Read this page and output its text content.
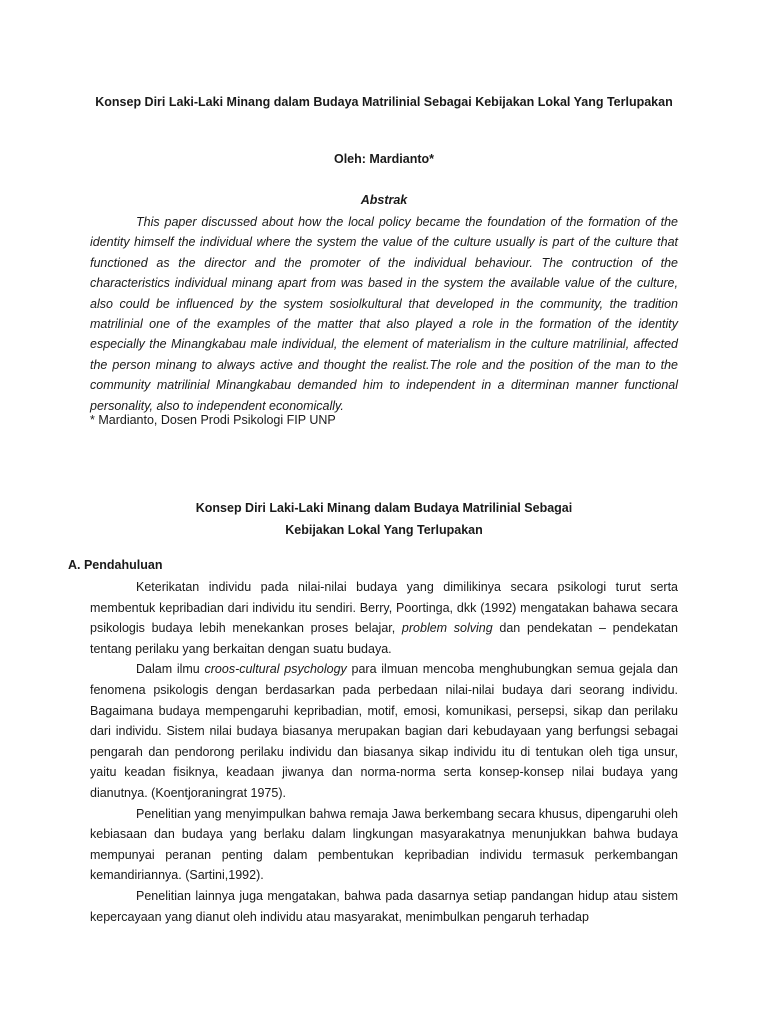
Konsep Diri Laki-Laki Minang dalam Budaya Matrilinial Sebagai Kebijakan Lokal Yang Terlupakan
Oleh: Mardianto*
Abstrak

This paper discussed about how the local policy became the foundation of the formation of the identity himself the individual where the system the value of the culture usually is part of the culture that functioned as the director and the promoter of the individual behaviour. The contruction of the characteristics individual minang apart from was based in the system the available value of the culture, also could be influenced by the system sosiolkultural that developed in the community, the tradition matrilinial one of the examples of the matter that also played a role in the formation of the identity especially the Minangkabau male individual, the element of materialism in the culture matrilinial, affected the person minang to always active and thought the realist.The role and the position of the man to the community matrilinial Minangkabau demanded him to independent in a diterminan manner functional personality, also to independent economically.

* Mardianto, Dosen Prodi Psikologi FIP UNP
Konsep Diri Laki-Laki Minang dalam Budaya Matrilinial Sebagai
Kebijakan Lokal Yang Terlupakan
A. Pendahuluan

Keterikatan individu pada nilai-nilai budaya yang dimilikinya secara psikologi turut serta membentuk kepribadian dari individu itu sendiri. Berry, Poortinga, dkk (1992) mengatakan bahawa secara psikologis budaya lebih menekankan proses belajar, problem solving dan pendekatan – pendekatan tentang perilaku yang berkaitan dengan suatu budaya.

Dalam ilmu croos-cultural psychology para ilmuan mencoba menghubungkan semua gejala dan fenomena psikologis dengan berdasarkan pada perbedaan nilai-nilai budaya dari seorang individu. Bagaimana budaya mempengaruhi kepribadian, motif, emosi, komunikasi, persepsi, sikap dan perilaku dari individu. Sistem nilai budaya biasanya merupakan bagian dari kebudayaan yang berfungsi sebagai pengarah dan pendorong perilaku individu dan biasanya sikap individu itu di tentukan oleh tiga unsur, yaitu keadan fisiknya, keadaan jiwanya dan norma-norma serta konsep-konsep nilai budaya yang dianutnya. (Koentjoraningrat 1975).

Penelitian yang menyimpulkan bahwa remaja Jawa berkembang secara khusus, dipengaruhi oleh kebiasaan dan budaya yang berlaku dalam lingkungan masyarakatnya menunjukkan bahwa budaya mempunyai peranan penting dalam pembentukan kepribadian individu termasuk perkembangan kemandiriannya. (Sartini,1992).

Penelitian lainnya juga mengatakan, bahwa pada dasarnya setiap pandangan hidup atau sistem kepercayaan yang dianut oleh individu atau masyarakat, menimbulkan pengaruh terhadap
